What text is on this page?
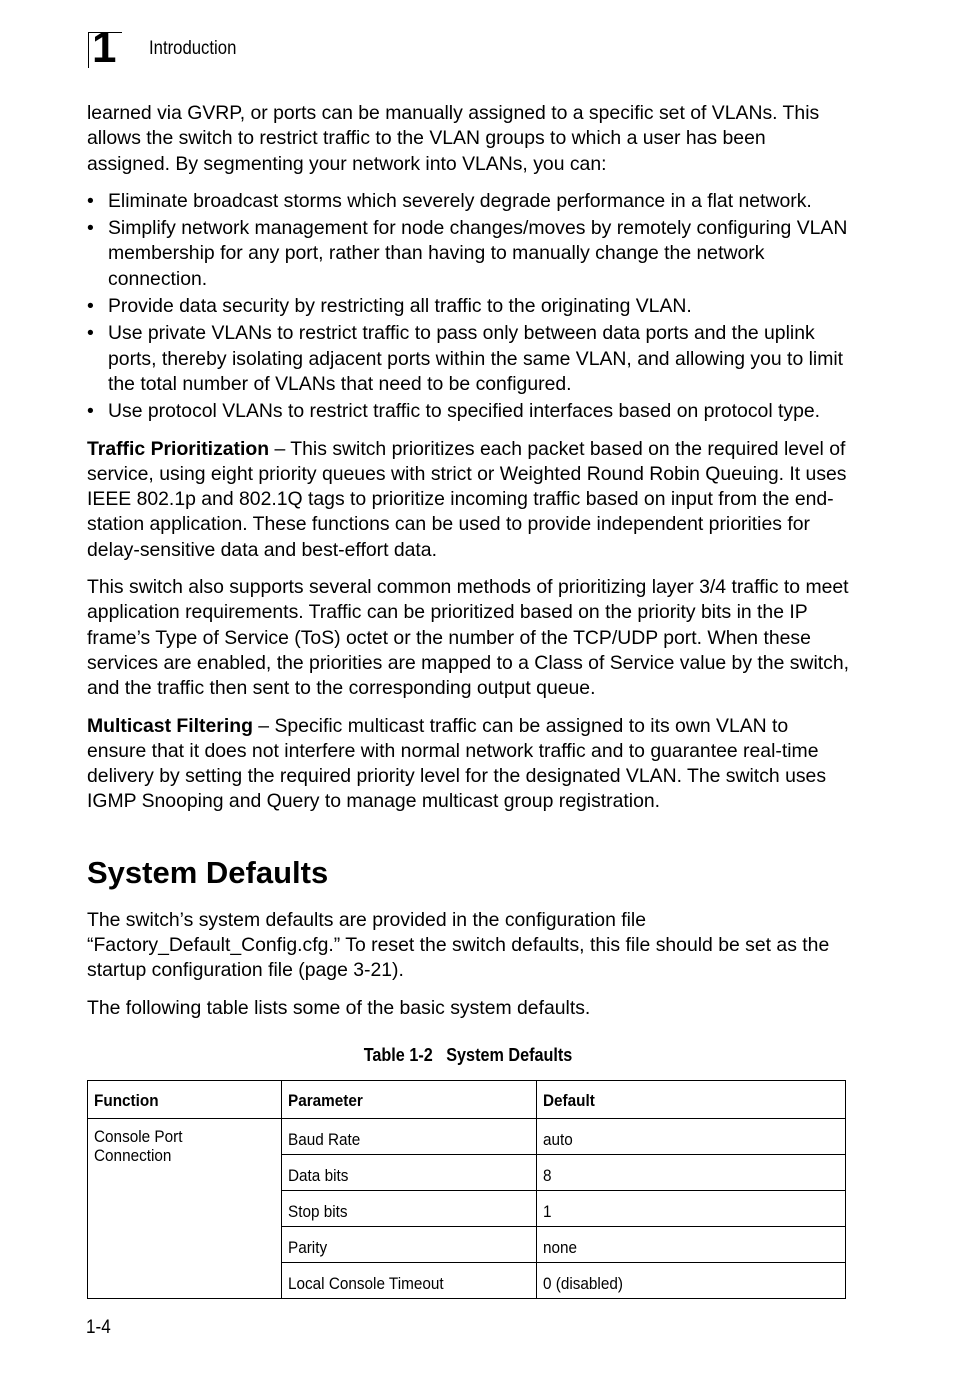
1 Introduction

learned via GVRP, or ports can be manually assigned to a specific set of VLANs. This allows the switch to restrict traffic to the VLAN groups to which a user has been assigned. By segmenting your network into VLANs, you can:

• Eliminate broadcast storms which severely degrade performance in a flat network.
• Simplify network management for node changes/moves by remotely configuring VLAN membership for any port, rather than having to manually change the network connection.
• Provide data security by restricting all traffic to the originating VLAN.
• Use private VLANs to restrict traffic to pass only between data ports and the uplink ports, thereby isolating adjacent ports within the same VLAN, and allowing you to limit the total number of VLANs that need to be configured.
• Use protocol VLANs to restrict traffic to specified interfaces based on protocol type.

Traffic Prioritization – This switch prioritizes each packet based on the required level of service, using eight priority queues with strict or Weighted Round Robin Queuing. It uses IEEE 802.1p and 802.1Q tags to prioritize incoming traffic based on input from the end-station application. These functions can be used to provide independent priorities for delay-sensitive data and best-effort data.

This switch also supports several common methods of prioritizing layer 3/4 traffic to meet application requirements. Traffic can be prioritized based on the priority bits in the IP frame’s Type of Service (ToS) octet or the number of the TCP/UDP port. When these services are enabled, the priorities are mapped to a Class of Service value by the switch, and the traffic then sent to the corresponding output queue.

Multicast Filtering – Specific multicast traffic can be assigned to its own VLAN to ensure that it does not interfere with normal network traffic and to guarantee real-time delivery by setting the required priority level for the designated VLAN. The switch uses IGMP Snooping and Query to manage multicast group registration.

System Defaults

The switch’s system defaults are provided in the configuration file “Factory_Default_Config.cfg.” To reset the switch defaults, this file should be set as the startup configuration file (page 3-21).

The following table lists some of the basic system defaults.

Table 1-2   System Defaults
Function	Parameter	Default

Console Port Connection	Baud Rate	auto
	Data bits	8
	Stop bits	1
	Parity	none
	Local Console Timeout	0 (disabled)
1-4
